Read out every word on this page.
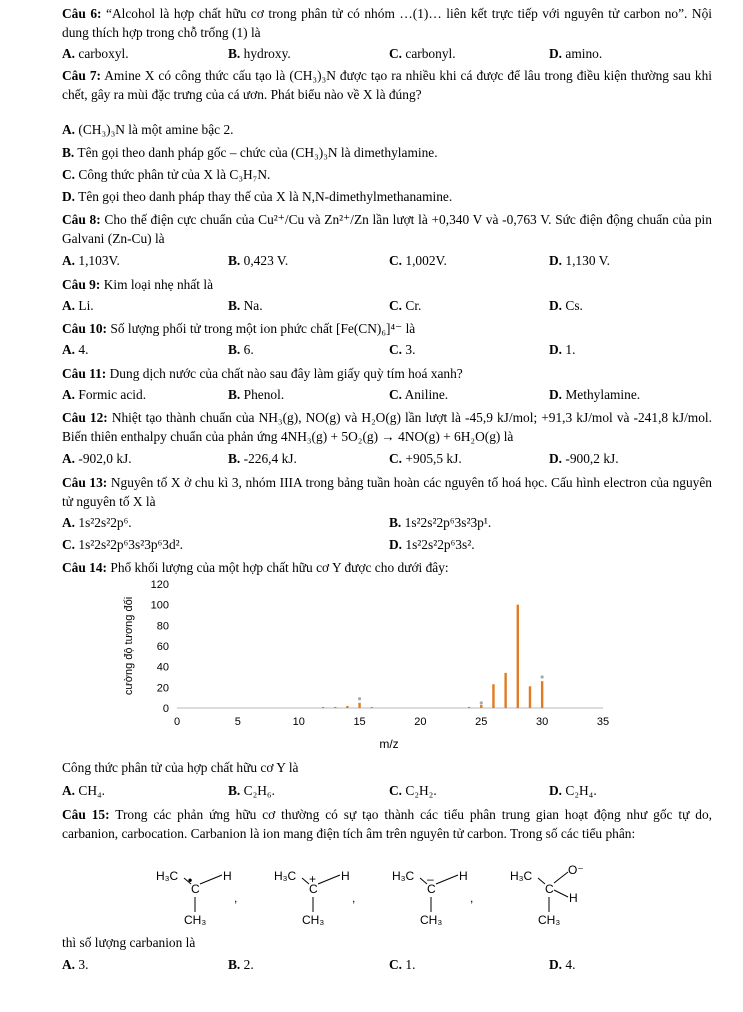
Câu 6: “Alcohol là hợp chất hữu cơ trong phân tử có nhóm …(1)… liên kết trực tiếp với nguyên tử carbon no”. Nội dung thích hợp trong chỗ trống (1) là
A. carboxyl.	B. hydroxy.	C. carbonyl.	D. amino.
Câu 7: Amine X có công thức cấu tạo là (CH₃)₃N được tạo ra nhiều khi cá được để lâu trong điều kiện thường sau khi chết, gây ra mùi đặc trưng của cá ươn. Phát biểu nào về X là đúng?
A. (CH₃)₃N là một amine bậc 2.
B. Tên gọi theo danh pháp gốc – chức của (CH₃)₃N là dimethylamine.
C. Công thức phân tử của X là C₃H₇N.
D. Tên gọi theo danh pháp thay thế của X là N,N-dimethylmethanamine.
Câu 8: Cho thế điện cực chuẩn của Cu²⁺/Cu và Zn²⁺/Zn lần lượt là +0,340 V và -0,763 V. Sức điện động chuẩn của pin Galvani (Zn-Cu) là
A. 1,103V.	B. 0,423 V.	C. 1,002V.	D. 1,130 V.
Câu 9: Kim loại nhẹ nhất là
A. Li.	B. Na.	C. Cr.	D. Cs.
Câu 10: Số lượng phối tử trong một ion phức chất [Fe(CN)₆]⁴⁻ là
A. 4.	B. 6.	C. 3.	D. 1.
Câu 11: Dung dịch nước của chất nào sau đây làm giấy quỳ tím hoá xanh?
A. Formic acid.	B. Phenol.	C. Aniline.	D. Methylamine.
Câu 12: Nhiệt tạo thành chuẩn của NH₃(g), NO(g) và H₂O(g) lần lượt là -45,9 kJ/mol; +91,3 kJ/mol và -241,8 kJ/mol. Biến thiên enthalpy chuẩn của phản ứng 4NH₃(g) + 5O₂(g) → 4NO(g) + 6H₂O(g) là
A. -902,0 kJ.	B. -226,4 kJ.	C. +905,5 kJ.	D. -900,2 kJ.
Câu 13: Nguyên tố X ở chu kì 3, nhóm IIIA trong bảng tuần hoàn các nguyên tố hoá học. Cấu hình electron của nguyên tử nguyên tố X là
A. 1s²2s²2p⁶.	B. 1s²2s²2p⁶3s²3p¹.
C. 1s²2s²2p⁶3s²3p⁶3d².	D. 1s²2s²2p⁶3s².
Câu 14: Phổ khối lượng của một hợp chất hữu cơ Y được cho dưới đây:
0
20
40
60
80
100
120
0	5	10	15	20	25	30	35
m/z
cường độ tương đối
Công thức phân tử của hợp chất hữu cơ Y là
A. CH₄.	B. C₂H₆.	C. C₂H₂.	D. C₂H₄.
Câu 15: Trong các phản ứng hữu cơ thường có sự tạo thành các tiểu phân trung gian hoạt động như gốc tự do, carbanion, carbocation. Carbanion là ion mang điện tích âm trên nguyên tử carbon. Trong số các tiểu phân:
H₃C
C
H
CH₃
•
,
H₃C
C
H
CH₃
+
,
H₃C
C
H
CH₃
–
,
H₃C
C
O⁻
H
CH₃
thì số lượng carbanion là
A. 3.	B. 2.	C. 1.	D. 4.
